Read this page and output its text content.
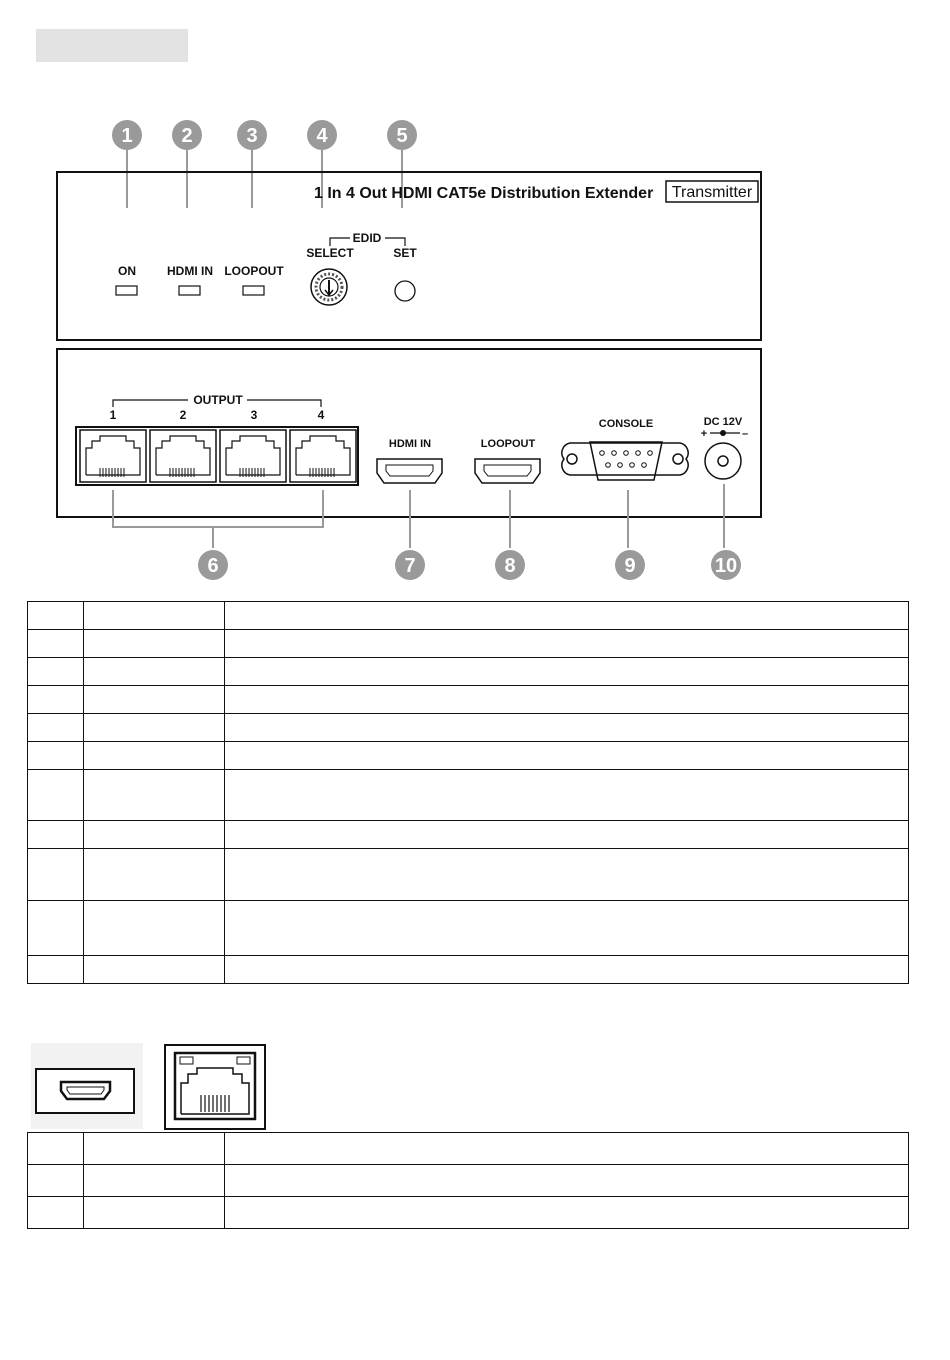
1 2	3	4	5
1 In 4 Out HDMI CAT5e Distribution Extender Transmitter
ON	HDMI IN LOOPOUT
EDID
SELECT	SET
OUTPUT
1	2	3	4
HDMI IN	LOOPOUT
CONSOLE	DC 12V
+	–
6	7	8	9	10
